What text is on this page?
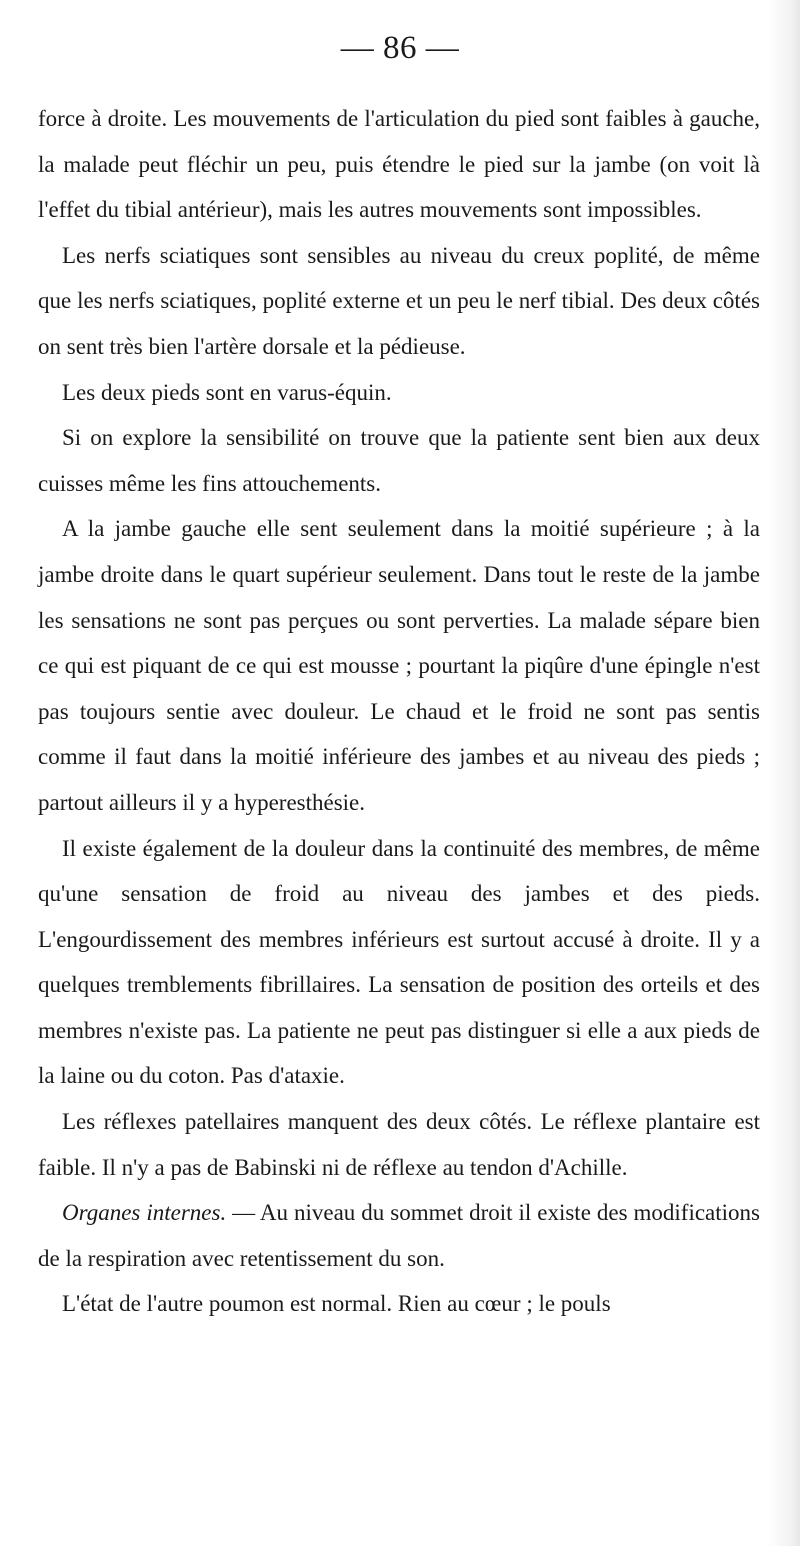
— 86 —

force à droite. Les mouvements de l'articulation du pied sont faibles à gauche, la malade peut fléchir un peu, puis étendre le pied sur la jambe (on voit là l'effet du tibial antérieur), mais les autres mouvements sont impossibles.

Les nerfs sciatiques sont sensibles au niveau du creux poplité, de même que les nerfs sciatiques, poplité externe et un peu le nerf tibial. Des deux côtés on sent très bien l'artère dorsale et la pédieuse.

Les deux pieds sont en varus-équin.

Si on explore la sensibilité on trouve que la patiente sent bien aux deux cuisses même les fins attouchements.

A la jambe gauche elle sent seulement dans la moitié supérieure ; à la jambe droite dans le quart supérieur seulement. Dans tout le reste de la jambe les sensations ne sont pas perçues ou sont perverties. La malade sépare bien ce qui est piquant de ce qui est mousse ; pourtant la piqûre d'une épingle n'est pas toujours sentie avec douleur. Le chaud et le froid ne sont pas sentis comme il faut dans la moitié inférieure des jambes et au niveau des pieds ; partout ailleurs il y a hyperesthésie.

Il existe également de la douleur dans la continuité des membres, de même qu'une sensation de froid au niveau des jambes et des pieds. L'engourdissement des membres inférieurs est surtout accusé à droite. Il y a quelques tremblements fibrillaires. La sensation de position des orteils et des membres n'existe pas. La patiente ne peut pas distinguer si elle a aux pieds de la laine ou du coton. Pas d'ataxie.

Les réflexes patellaires manquent des deux côtés. Le réflexe plantaire est faible. Il n'y a pas de Babinski ni de réflexe au tendon d'Achille.

Organes internes. — Au niveau du sommet droit il existe des modifications de la respiration avec retentissement du son.

L'état de l'autre poumon est normal. Rien au cœur ; le pouls
